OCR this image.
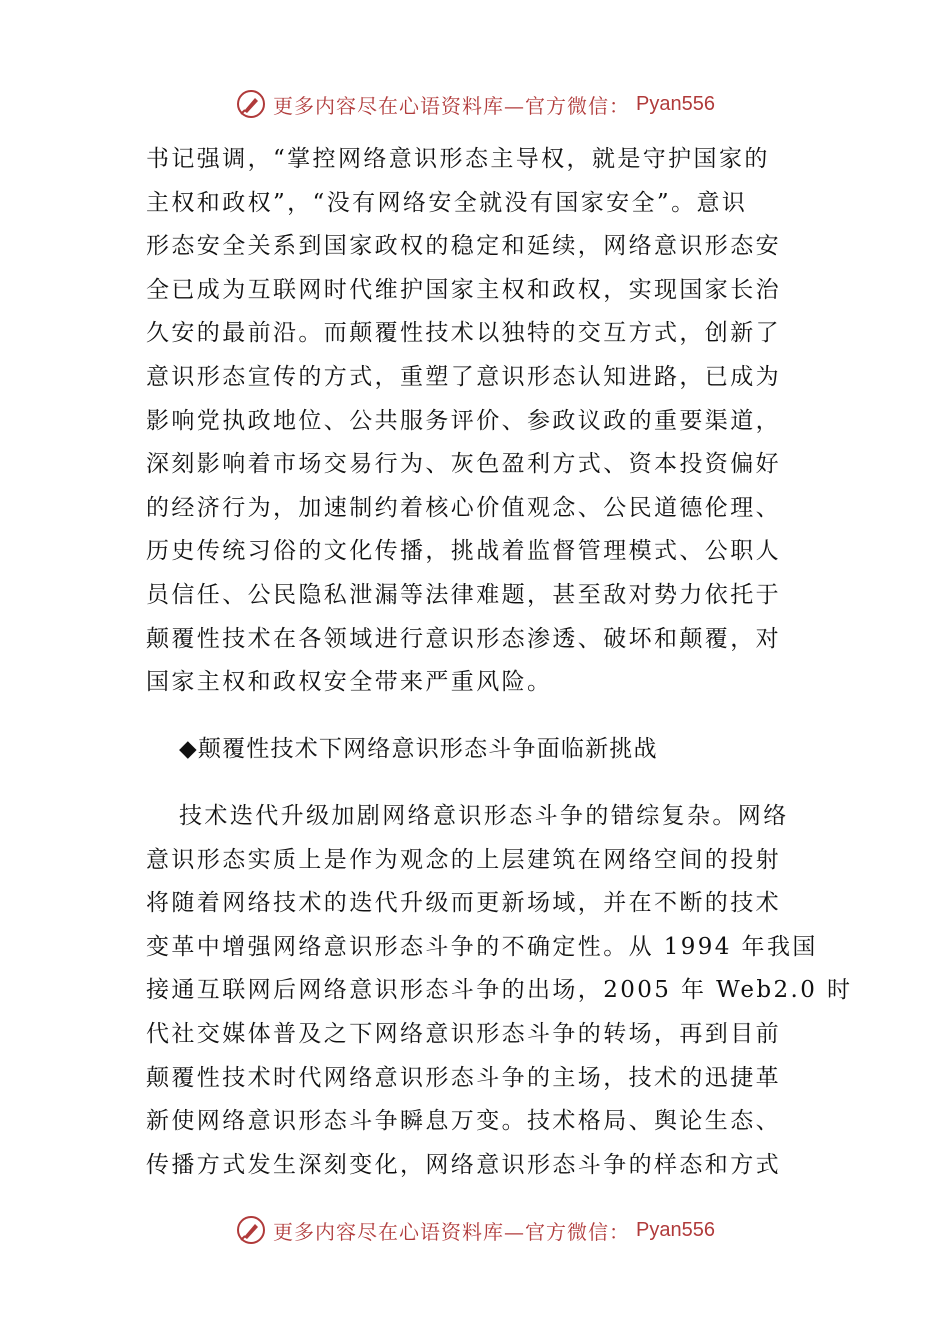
更多内容尽在心语资料库—官方微信： Pyan556
书记强调，“掌控网络意识形态主导权，就是守护国家的
主权和政权”，“没有网络安全就没有国家安全”。意识
形态安全关系到国家政权的稳定和延续，网络意识形态安
全已成为互联网时代维护国家主权和政权，实现国家长治
久安的最前沿。而颠覆性技术以独特的交互方式，创新了
意识形态宣传的方式，重塑了意识形态认知进路，已成为
影响党执政地位、公共服务评价、参政议政的重要渠道，
深刻影响着市场交易行为、灰色盈利方式、资本投资偏好
的经济行为，加速制约着核心价值观念、公民道德伦理、
历史传统习俗的文化传播，挑战着监督管理模式、公职人
员信任、公民隐私泄漏等法律难题，甚至敌对势力依托于
颠覆性技术在各领域进行意识形态渗透、破坏和颠覆，对
国家主权和政权安全带来严重风险。
◆颠覆性技术下网络意识形态斗争面临新挑战
技术迭代升级加剧网络意识形态斗争的错综复杂。网络
意识形态实质上是作为观念的上层建筑在网络空间的投射
将随着网络技术的迭代升级而更新场域，并在不断的技术
变革中增强网络意识形态斗争的不确定性。从 1994 年我国
接通互联网后网络意识形态斗争的出场，2005 年 Web2.0 时
代社交媒体普及之下网络意识形态斗争的转场，再到目前
颠覆性技术时代网络意识形态斗争的主场，技术的迅捷革
新使网络意识形态斗争瞬息万变。技术格局、舆论生态、
传播方式发生深刻变化，网络意识形态斗争的样态和方式
更多内容尽在心语资料库—官方微信： Pyan556
